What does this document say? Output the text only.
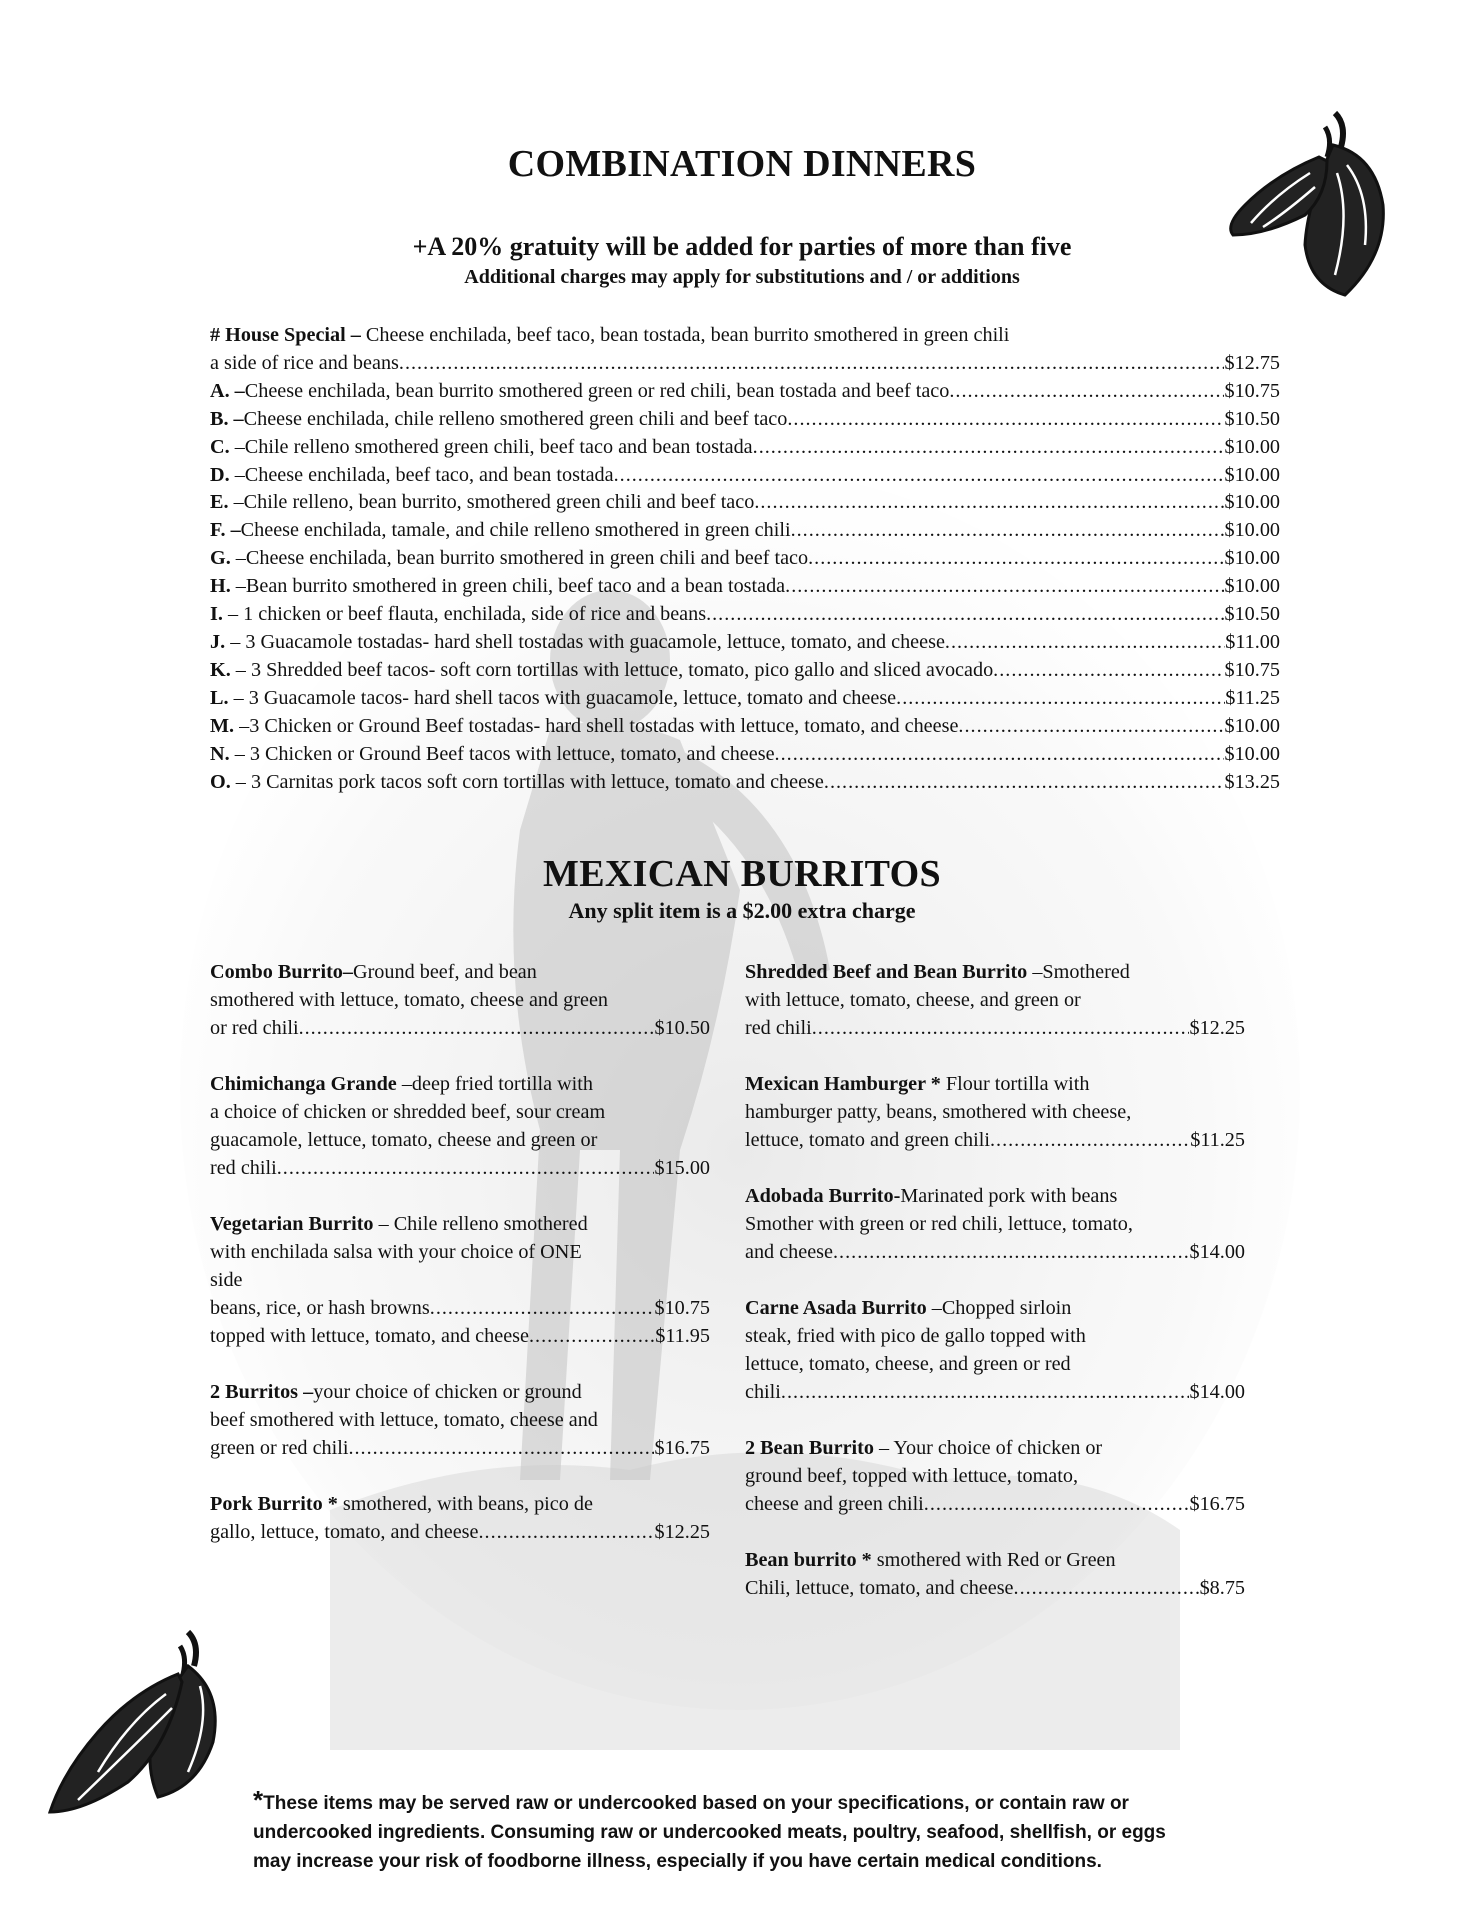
COMBINATION DINNERS
+A 20% gratuity will be added for parties of more than five
Additional charges may apply for substitutions and / or additions
# House Special – Cheese enchilada, beef taco, bean tostada, bean burrito smothered in green chili
a side of rice and beans .....	$12.75
A. –Cheese enchilada, bean burrito smothered green or red chili, bean tostada and beef taco .....	$10.75
B. –Cheese enchilada, chile relleno smothered green chili and beef taco .....	$10.50
C. –Chile relleno smothered green chili, beef taco and bean tostada .....	$10.00
D. –Cheese enchilada, beef taco, and bean tostada .....	$10.00
E. –Chile relleno, bean burrito, smothered green chili and beef taco .....	$10.00
F. –Cheese enchilada, tamale, and chile relleno smothered in green chili .....	$10.00
G. –Cheese enchilada, bean burrito smothered in green chili and beef taco .....	$10.00
H. –Bean burrito smothered in green chili, beef taco and a bean tostada .....	$10.00
I. – 1 chicken or beef flauta, enchilada, side of rice and beans .....	$10.50
J. – 3 Guacamole tostadas- hard shell tostadas with guacamole, lettuce, tomato, and cheese .....	$11.00
K. – 3 Shredded beef tacos- soft corn tortillas with lettuce, tomato, pico gallo and sliced avocado .....	$10.75
L. – 3 Guacamole tacos- hard shell tacos with guacamole, lettuce, tomato and cheese .....	$11.25
M. –3 Chicken or Ground Beef tostadas- hard shell tostadas with lettuce, tomato, and cheese .....	$10.00
N. – 3 Chicken or Ground Beef tacos with lettuce, tomato, and cheese .....	$10.00
O. – 3 Carnitas pork tacos soft corn tortillas with lettuce, tomato and cheese .....	$13.25
MEXICAN BURRITOS
Any split item is a $2.00 extra charge
Combo Burrito–Ground beef, and bean
smothered with lettuce, tomato, cheese and green
or red chili .....	$10.50
Chimichanga Grande –deep fried tortilla with
a choice of chicken or shredded beef, sour cream
guacamole, lettuce, tomato, cheese and green or
red chili .....	$15.00
Vegetarian Burrito – Chile relleno smothered
with enchilada salsa with your choice of ONE
side
beans, rice, or hash browns .....	$10.75
topped with lettuce, tomato, and cheese .....	$11.95
2 Burritos –your choice of chicken or ground
beef smothered with lettuce, tomato, cheese and
green or red chili .....	$16.75
Pork Burrito * smothered, with beans, pico de
gallo, lettuce, tomato, and cheese .....	$12.25
Shredded Beef and Bean Burrito –Smothered
with lettuce, tomato, cheese, and green or
red chili .....	$12.25
Mexican Hamburger * Flour tortilla with
hamburger patty, beans, smothered with cheese,
lettuce, tomato and green chili .....	$11.25
Adobada Burrito-Marinated pork with beans
Smother with green or red chili, lettuce, tomato,
and cheese .....	$14.00
Carne Asada Burrito –Chopped sirloin
steak, fried with pico de gallo topped with
lettuce, tomato, cheese, and green or red
chili .....	$14.00
2 Bean Burrito – Your choice of chicken or
ground beef, topped with lettuce, tomato,
cheese and green chili .....	$16.75
Bean burrito * smothered with Red or Green
Chili, lettuce, tomato, and cheese .....	$8.75
*These items may be served raw or undercooked based on your specifications, or contain raw or
undercooked ingredients. Consuming raw or undercooked meats, poultry, seafood, shellfish, or eggs
may increase your risk of foodborne illness, especially if you have certain medical conditions.
